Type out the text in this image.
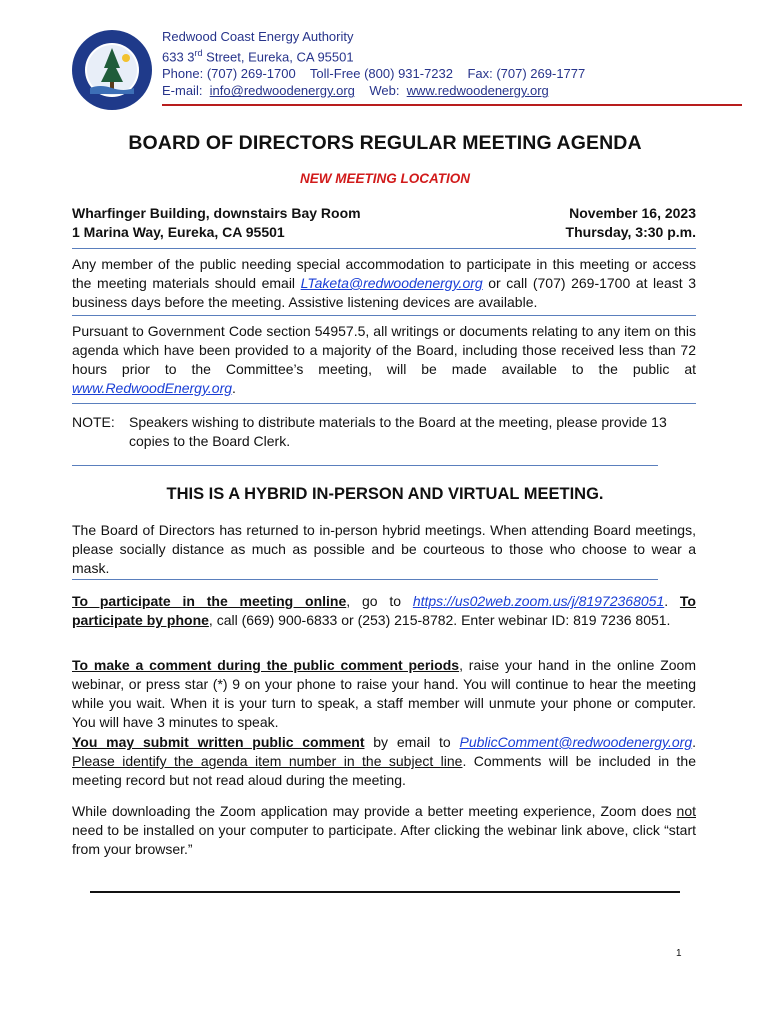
Redwood Coast Energy Authority
633 3rd Street, Eureka, CA 95501
Phone: (707) 269-1700    Toll-Free (800) 931-7232    Fax: (707) 269-1777
E-mail:  info@redwoodenergy.org    Web:  www.redwoodenergy.org
BOARD OF DIRECTORS REGULAR MEETING AGENDA
NEW MEETING LOCATION
Wharfinger Building, downstairs Bay Room
1 Marina Way, Eureka, CA 95501
November 16, 2023
Thursday, 3:30 p.m.
Any member of the public needing special accommodation to participate in this meeting or access the meeting materials should email LTaketa@redwoodenergy.org or call (707) 269-1700 at least 3 business days before the meeting. Assistive listening devices are available.
Pursuant to Government Code section 54957.5, all writings or documents relating to any item on this agenda which have been provided to a majority of the Board, including those received less than 72 hours prior to the Committee’s meeting, will be made available to the public at www.RedwoodEnergy.org.
NOTE: Speakers wishing to distribute materials to the Board at the meeting, please provide 13 copies to the Board Clerk.
THIS IS A HYBRID IN-PERSON AND VIRTUAL MEETING.
The Board of Directors has returned to in-person hybrid meetings. When attending Board meetings, please socially distance as much as possible and be courteous to those who choose to wear a mask.
To participate in the meeting online, go to https://us02web.zoom.us/j/81972368051. To participate by phone, call (669) 900-6833 or (253) 215-8782. Enter webinar ID: 819 7236 8051.
To make a comment during the public comment periods, raise your hand in the online Zoom webinar, or press star (*) 9 on your phone to raise your hand. You will continue to hear the meeting while you wait. When it is your turn to speak, a staff member will unmute your phone or computer. You will have 3 minutes to speak.
You may submit written public comment by email to PublicComment@redwoodenergy.org. Please identify the agenda item number in the subject line. Comments will be included in the meeting record but not read aloud during the meeting.
While downloading the Zoom application may provide a better meeting experience, Zoom does not need to be installed on your computer to participate. After clicking the webinar link above, click “start from your browser.”
1
